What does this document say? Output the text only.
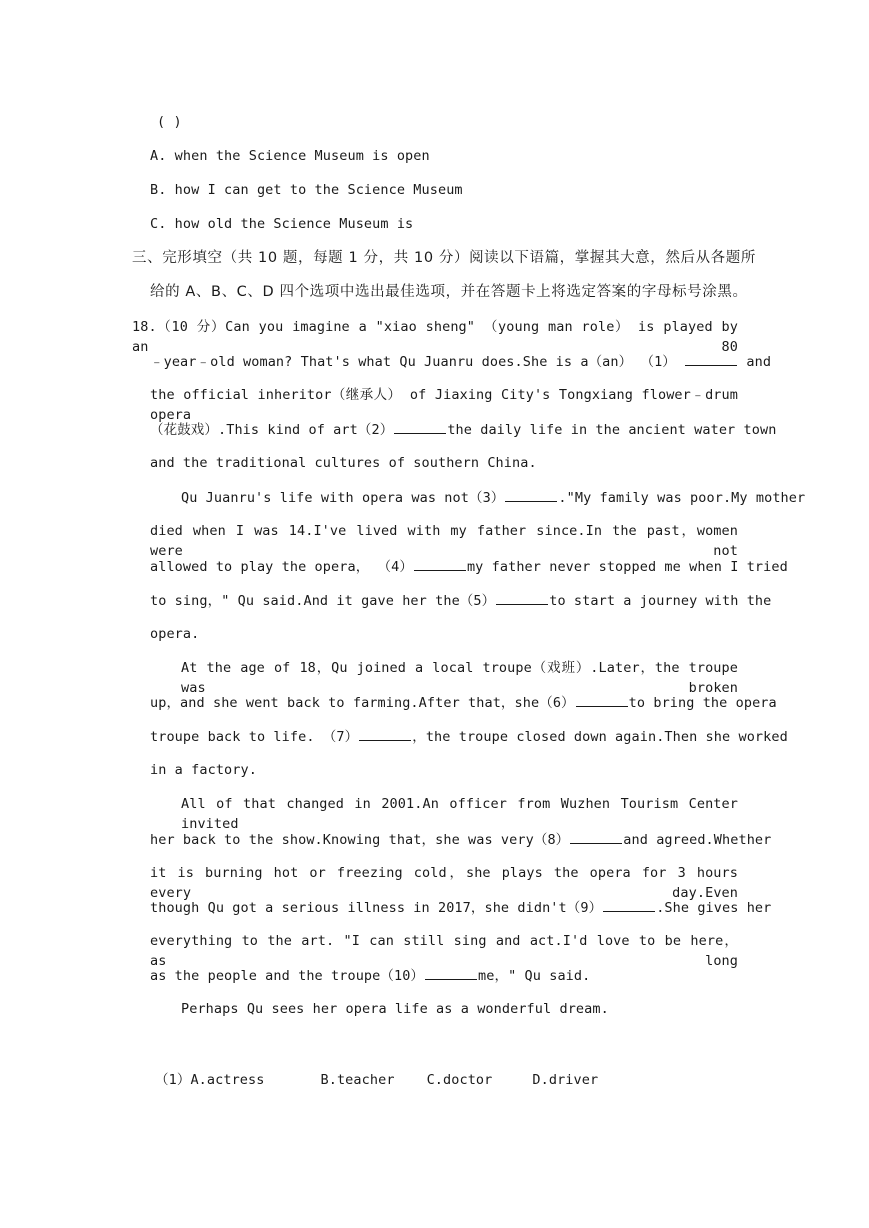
( )
A. when the Science Museum is open
B. how I can get to the Science Museum
C. how old the Science Museum is
三、完形填空（共 10 题，每题 1 分，共 10 分）阅读以下语篇，掌握其大意，然后从各题所
给的 A、B、C、D 四个选项中选出最佳选项，并在答题卡上将选定答案的字母标号涂黑。
18.（10 分）Can you imagine a "xiao sheng" （young man role） is played by an 80
﹣year﹣old woman? That's what Qu Juanru does.She is a（an） （1）	and
the official inheritor（继承人） of Jiaxing City's Tongxiang flower﹣drum opera
（花鼓戏）.This kind of art（2）	the daily life in the ancient water town
and the traditional cultures of southern China.
Qu Juanru's life with opera was not（3）	."My family was poor.My mother
died when I was 14.I've lived with my father since.In the past，women were not
allowed to play the opera， （4）	my father never stopped me when I tried
to sing，" Qu said.And it gave her the（5）	to start a journey with the
opera.
At the age of 18，Qu joined a local troupe（戏班）.Later，the troupe was broken
up，and she went back to farming.After that，she（6）	to bring the opera
troupe back to life. （7）	，the troupe closed down again.Then she worked
in a factory.
All of that changed in 2001.An officer from Wuzhen Tourism Center invited
her back to the show.Knowing that，she was very（8）	and agreed.Whether
it is burning hot or freezing cold，she plays the opera for 3 hours every day.Even
though Qu got a serious illness in 2017，she didn't（9）	.She gives her
everything to the art. "I can still sing and act.I'd love to be here，as long
as the people and the troupe（10）	me，" Qu said.
Perhaps Qu sees her opera life as a wonderful dream.
（1）A.actress	B.teacher C.doctor	D.driver
